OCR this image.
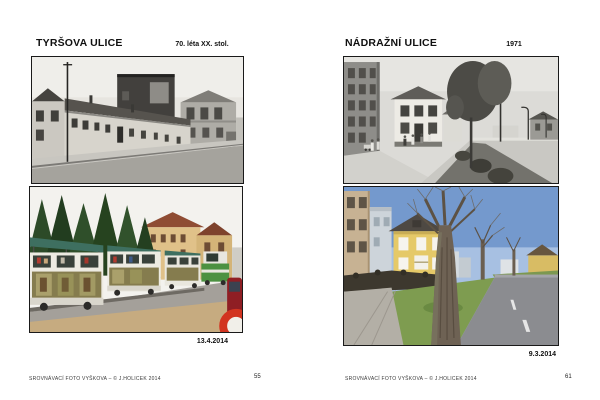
TYRŠOVA ULICE	70. léta XX. stol.
13.4.2014
SROVNÁVACÍ FOTO VYŠKOVA – © J.HOLICEK 2014	55
NÁDRAŽNÍ ULICE	1971
9.3.2014
SROVNÁVACÍ FOTO VYŠKOVA – © J.HOLICEK 2014	61
